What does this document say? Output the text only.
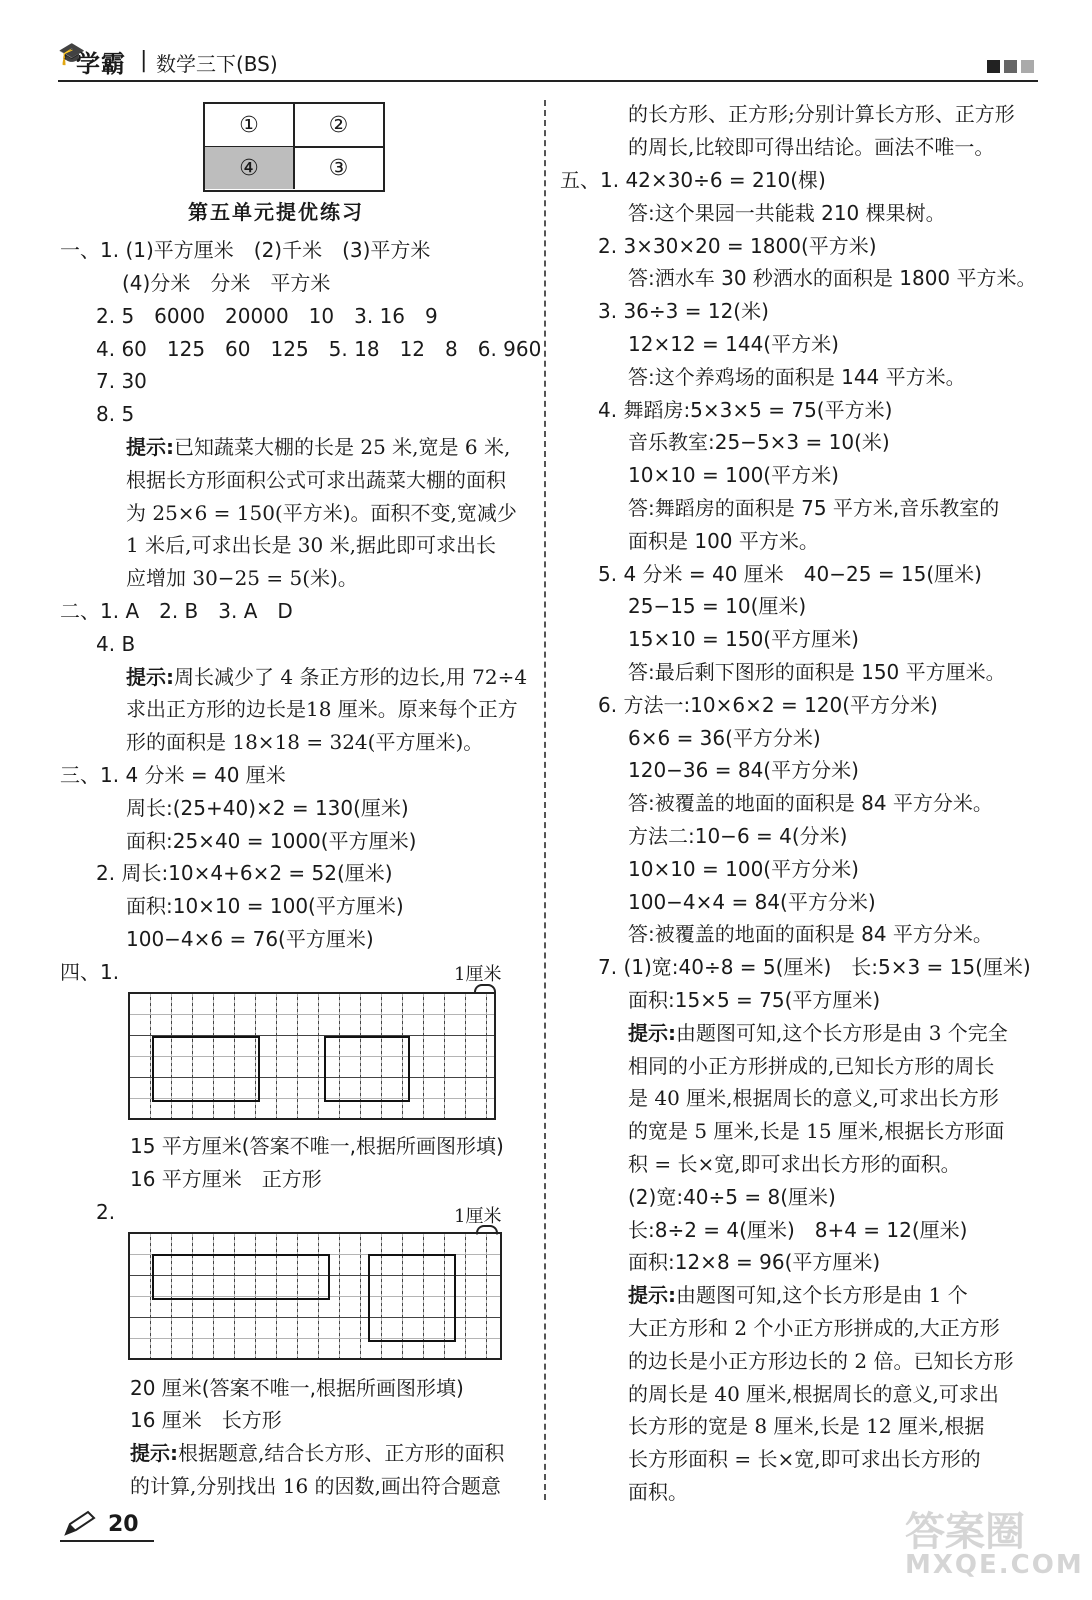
🎓
学霸 | 数学三下(BS)
①	②
④	③
第五单元提优练习
一、1. (1)平方厘米　(2)千米　(3)平方米
(4)分米　分米　平方米
2. 5　6000　20000　10　3. 16　9
4. 60　125　60　125　5. 18　12　8　6. 960
7. 30
8. 5
提示:已知蔬菜大棚的长是 25 米,宽是 6 米,
根据长方形面积公式可求出蔬菜大棚的面积
为 25×6 = 150(平方米)。面积不变,宽减少
1 米后,可求出长是 30 米,据此即可求出长
应增加 30−25 = 5(米)。
二、1. A　2. B　3. A　D
4. B
提示:周长减少了 4 条正方形的边长,用 72÷4
求出正方形的边长是18 厘米。原来每个正方
形的面积是 18×18 = 324(平方厘米)。
三、1. 4 分米 = 40 厘米
周长:(25+40)×2 = 130(厘米)
面积:25×40 = 1000(平方厘米)
2. 周长:10×4+6×2 = 52(厘米)
面积:10×10 = 100(平方厘米)
100−4×6 = 76(平方厘米)
四、1.	1厘米
15 平方厘米(答案不唯一,根据所画图形填)
16 平方厘米　正方形
2.	1厘米
20 厘米(答案不唯一,根据所画图形填)
16 厘米　长方形
提示:根据题意,结合长方形、正方形的面积
的计算,分别找出 16 的因数,画出符合题意
的长方形、正方形;分别计算长方形、正方形
的周长,比较即可得出结论。画法不唯一。
五、1. 42×30÷6 = 210(棵)
答:这个果园一共能栽 210 棵果树。
2. 3×30×20 = 1800(平方米)
答:洒水车 30 秒洒水的面积是 1800 平方米。
3. 36÷3 = 12(米)
12×12 = 144(平方米)
答:这个养鸡场的面积是 144 平方米。
4. 舞蹈房:5×3×5 = 75(平方米)
音乐教室:25−5×3 = 10(米)
10×10 = 100(平方米)
答:舞蹈房的面积是 75 平方米,音乐教室的
面积是 100 平方米。
5. 4 分米 = 40 厘米　40−25 = 15(厘米)
25−15 = 10(厘米)
15×10 = 150(平方厘米)
答:最后剩下图形的面积是 150 平方厘米。
6. 方法一:10×6×2 = 120(平方分米)
6×6 = 36(平方分米)
120−36 = 84(平方分米)
答:被覆盖的地面的面积是 84 平方分米。
方法二:10−6 = 4(分米)
10×10 = 100(平方分米)
100−4×4 = 84(平方分米)
答:被覆盖的地面的面积是 84 平方分米。
7. (1)宽:40÷8 = 5(厘米)　长:5×3 = 15(厘米)
面积:15×5 = 75(平方厘米)
提示:由题图可知,这个长方形是由 3 个完全
相同的小正方形拼成的,已知长方形的周长
是 40 厘米,根据周长的意义,可求出长方形
的宽是 5 厘米,长是 15 厘米,根据长方形面
积 = 长×宽,即可求出长方形的面积。
(2)宽:40÷5 = 8(厘米)
长:8÷2 = 4(厘米)　8+4 = 12(厘米)
面积:12×8 = 96(平方厘米)
提示:由题图可知,这个长方形是由 1 个
大正方形和 2 个小正方形拼成的,大正方形
的边长是小正方形边长的 2 倍。已知长方形
的周长是 40 厘米,根据周长的意义,可求出
长方形的宽是 8 厘米,长是 12 厘米,根据
长方形面积 = 长×宽,即可求出长方形的
面积。
20	答案圈
MXQE.COM
